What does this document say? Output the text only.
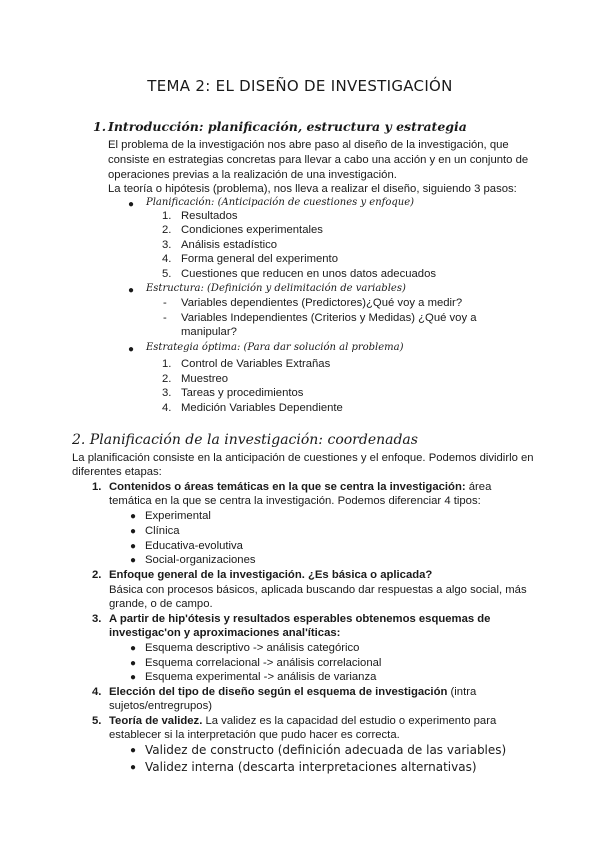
TEMA 2: EL DISEÑO DE INVESTIGACIÓN
1. Introducción: planificación, estructura y estrategia
El problema de la investigación nos abre paso al diseño de la investigación, que
consiste en estrategias concretas para llevar a cabo una acción y en un conjunto de
operaciones previas a la realización de una investigación.
La teoría o hipótesis (problema), nos lleva a realizar el diseño, siguiendo 3 pasos:
● Planificación: (Anticipación de cuestiones y enfoque)
1. Resultados
2. Condiciones experimentales
3. Análisis estadístico
4. Forma general del experimento
5. Cuestiones que reducen en unos datos adecuados
● Estructura: (Definición y delimitación de variables)
- Variables dependientes (Predictores)¿Qué voy a medir?
- Variables Independientes (Criterios y Medidas) ¿Qué voy a
manipular?
● Estrategia óptima: (Para dar solución al problema)
1. Control de Variables Extrañas
2. Muestreo
3. Tareas y procedimientos
4. Medición Variables Dependiente
2. Planificación de la investigación: coordenadas
La planificación consiste en la anticipación de cuestiones y el enfoque. Podemos dividirlo en
diferentes etapas:
1. Contenidos o áreas temáticas en la que se centra la investigación: área
temática en la que se centra la investigación. Podemos diferenciar 4 tipos:
● Experimental
● Clínica
● Educativa-evolutiva
● Social-organizaciones
2. Enfoque general de la investigación. ¿Es básica o aplicada?
Básica con procesos básicos, aplicada buscando dar respuestas a algo social, más
grande, o de campo.
3. A partir de hip'ótesis y resultados esperables obtenemos esquemas de
investigac'on y aproximaciones anal'íticas:
● Esquema descriptivo -> análisis categórico
● Esquema correlacional -> análisis correlacional
● Esquema experimental -> análisis de varianza
4. Elección del tipo de diseño según el esquema de investigación (intra
sujetos/entregrupos)
5. Teoría de validez. La validez es la capacidad del estudio o experimento para
establecer si la interpretación que pudo hacer es correcta.
● Validez de constructo (definición adecuada de las variables)
● Validez interna (descarta interpretaciones alternativas)
